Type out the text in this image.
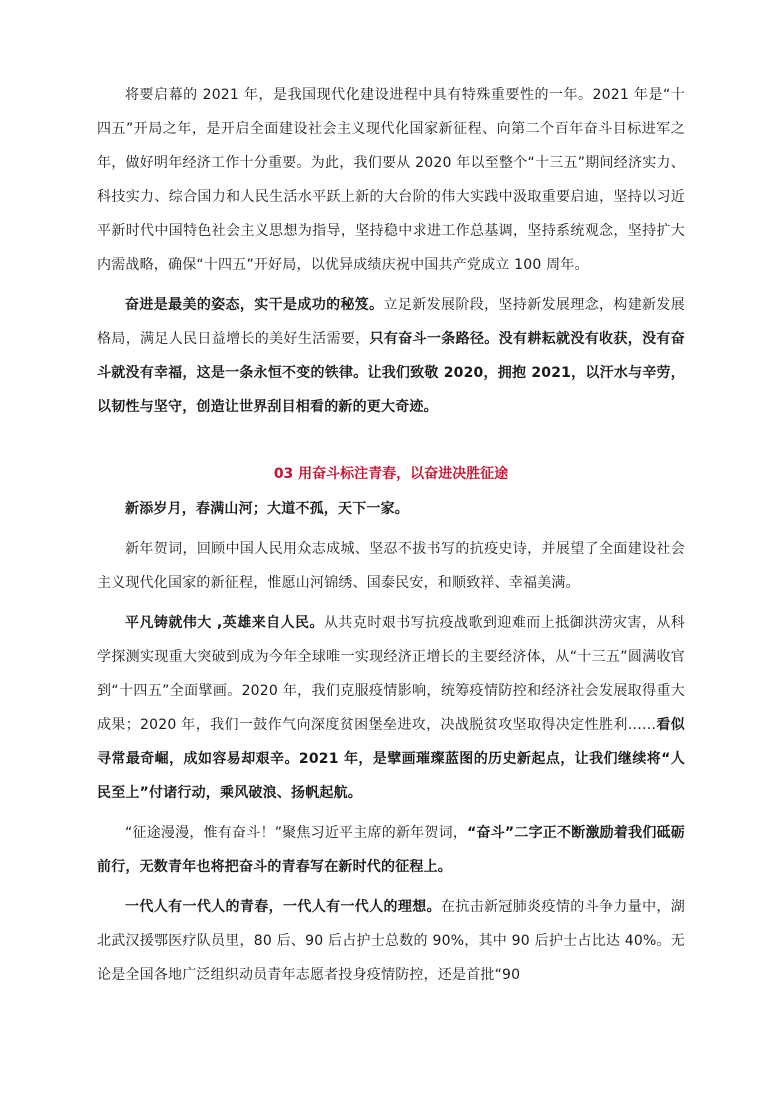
将要启幕的 2021 年，是我国现代化建设进程中具有特殊重要性的一年。2021 年是“十四五”开局之年，是开启全面建设社会主义现代化国家新征程、向第二个百年奋斗目标进军之年，做好明年经济工作十分重要。为此，我们要从 2020 年以至整个“十三五”期间经济实力、科技实力、综合国力和人民生活水平跃上新的大台阶的伟大实践中汲取重要启迪，坚持以习近平新时代中国特色社会主义思想为指导，坚持稳中求进工作总基调，坚持系统观念，坚持扩大内需战略，确保“十四五”开好局，以优异成绩庆祝中国共产党成立 100 周年。

奋进是最美的姿态，实干是成功的秘笈。立足新发展阶段，坚持新发展理念，构建新发展格局，满足人民日益增长的美好生活需要，只有奋斗一条路径。没有耕耘就没有收获，没有奋斗就没有幸福，这是一条永恒不变的铁律。让我们致敬 2020，拥抱 2021，以汗水与辛劳，以韧性与坚守，创造让世界刮目相看的新的更大奇迹。

03 用奋斗标注青春，以奋进决胜征途

新添岁月，春满山河；大道不孤，天下一家。

新年贺词，回顾中国人民用众志成城、坚忍不拔书写的抗疫史诗，并展望了全面建设社会主义现代化国家的新征程，惟愿山河锦绣、国泰民安，和顺致祥、幸福美满。

平凡铸就伟大 ,英雄来自人民。从共克时艰书写抗疫战歌到迎难而上抵御洪涝灾害，从科学探测实现重大突破到成为今年全球唯一实现经济正增长的主要经济体，从“十三五”圆满收官到“十四五”全面擘画。2020 年，我们克服疫情影响，统筹疫情防控和经济社会发展取得重大成果；2020 年，我们一鼓作气向深度贫困堡垒进攻，决战脱贫攻坚取得决定性胜利……看似寻常最奇崛，成如容易却艰辛。2021 年，是擘画璀璨蓝图的历史新起点，让我们继续将“人民至上”付诸行动，乘风破浪、扬帆起航。

“征途漫漫，惟有奋斗！”聚焦习近平主席的新年贺词，“奋斗”二字正不断激励着我们砥砺前行，无数青年也将把奋斗的青春写在新时代的征程上。

一代人有一代人的青春，一代人有一代人的理想。在抗击新冠肺炎疫情的斗争力量中，湖北武汉援鄂医疗队员里，80 后、90 后占护士总数的 90%，其中 90 后护士占比达 40%。无论是全国各地广泛组织动员青年志愿者投身疫情防控，还是首批“90
